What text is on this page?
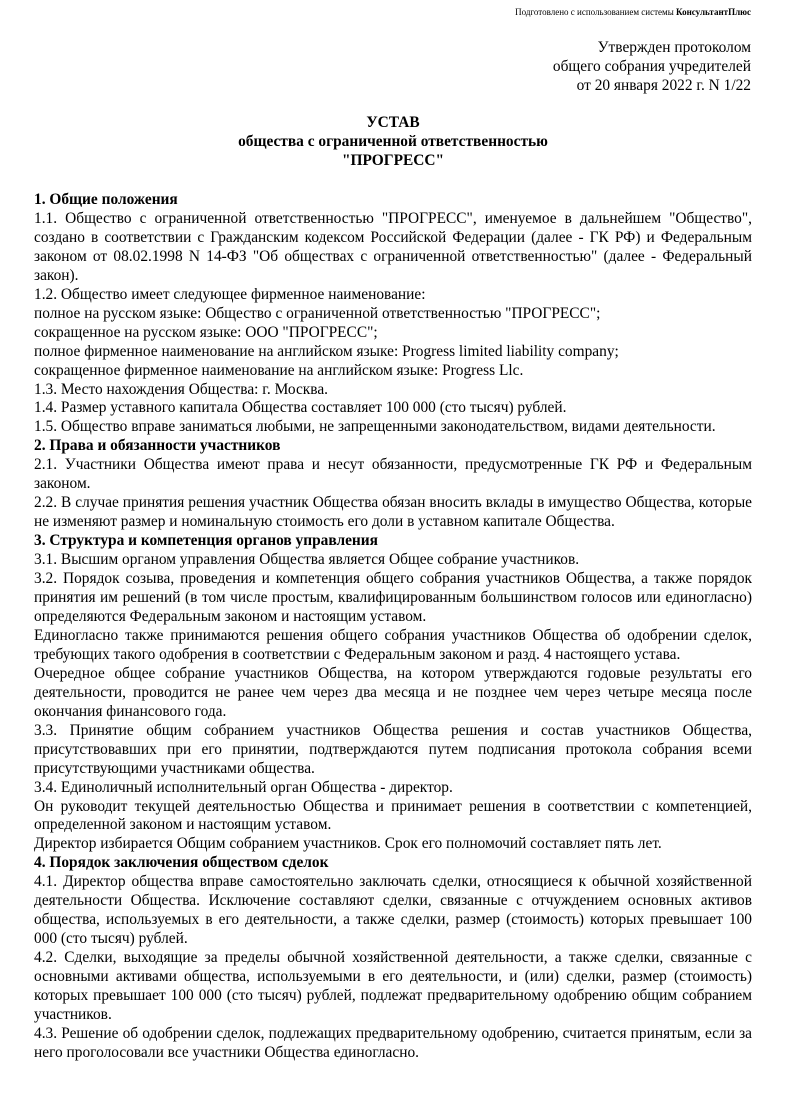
Подготовлено с использованием системы КонсультантПлюс
Утвержден протоколом
общего собрания учредителей
от 20 января 2022 г. N 1/22
УСТАВ
общества с ограниченной ответственностью
"ПРОГРЕСС"

1. Общие положения

1.1. Общество с ограниченной ответственностью "ПРОГРЕСС", именуемое в дальнейшем "Общество", создано в соответствии с Гражданским кодексом Российской Федерации (далее - ГК РФ) и Федеральным законом от 08.02.1998 N 14-ФЗ "Об обществах с ограниченной ответственностью" (далее - Федеральный закон).

1.2. Общество имеет следующее фирменное наименование:

полное на русском языке: Общество с ограниченной ответственностью "ПРОГРЕСС";

сокращенное на русском языке: ООО "ПРОГРЕСС";

полное фирменное наименование на английском языке: Progress limited liability company;

сокращенное фирменное наименование на английском языке: Progress Llc.

1.3. Место нахождения Общества: г. Москва.

1.4. Размер уставного капитала Общества составляет 100 000 (сто тысяч) рублей.

1.5. Общество вправе заниматься любыми, не запрещенными законодательством, видами деятельности.

2. Права и обязанности участников

2.1. Участники Общества имеют права и несут обязанности, предусмотренные ГК РФ и Федеральным законом.

2.2. В случае принятия решения участник Общества обязан вносить вклады в имущество Общества, которые не изменяют размер и номинальную стоимость его доли в уставном капитале Общества.

3. Структура и компетенция органов управления

3.1. Высшим органом управления Общества является Общее собрание участников.

3.2. Порядок созыва, проведения и компетенция общего собрания участников Общества, а также порядок принятия им решений (в том числе простым, квалифицированным большинством голосов или единогласно) определяются Федеральным законом и настоящим уставом.

Единогласно также принимаются решения общего собрания участников Общества об одобрении сделок, требующих такого одобрения в соответствии с Федеральным законом и разд. 4 настоящего устава.

Очередное общее собрание участников Общества, на котором утверждаются годовые результаты его деятельности, проводится не ранее чем через два месяца и не позднее чем через четыре месяца после окончания финансового года.

3.3. Принятие общим собранием участников Общества решения и состав участников Общества, присутствовавших при его принятии, подтверждаются путем подписания протокола собрания всеми присутствующими участниками общества.

3.4. Единоличный исполнительный орган Общества - директор.

Он руководит текущей деятельностью Общества и принимает решения в соответствии с компетенцией, определенной законом и настоящим уставом.

Директор избирается Общим собранием участников. Срок его полномочий составляет пять лет.

4. Порядок заключения обществом сделок

4.1. Директор общества вправе самостоятельно заключать сделки, относящиеся к обычной хозяйственной деятельности Общества. Исключение составляют сделки, связанные с отчуждением основных активов общества, используемых в его деятельности, а также сделки, размер (стоимость) которых превышает 100 000 (сто тысяч) рублей.

4.2. Сделки, выходящие за пределы обычной хозяйственной деятельности, а также сделки, связанные с основными активами общества, используемыми в его деятельности, и (или) сделки, размер (стоимость) которых превышает 100 000 (сто тысяч) рублей, подлежат предварительному одобрению общим собранием участников.

4.3. Решение об одобрении сделок, подлежащих предварительному одобрению, считается принятым, если за него проголосовали все участники Общества единогласно.
